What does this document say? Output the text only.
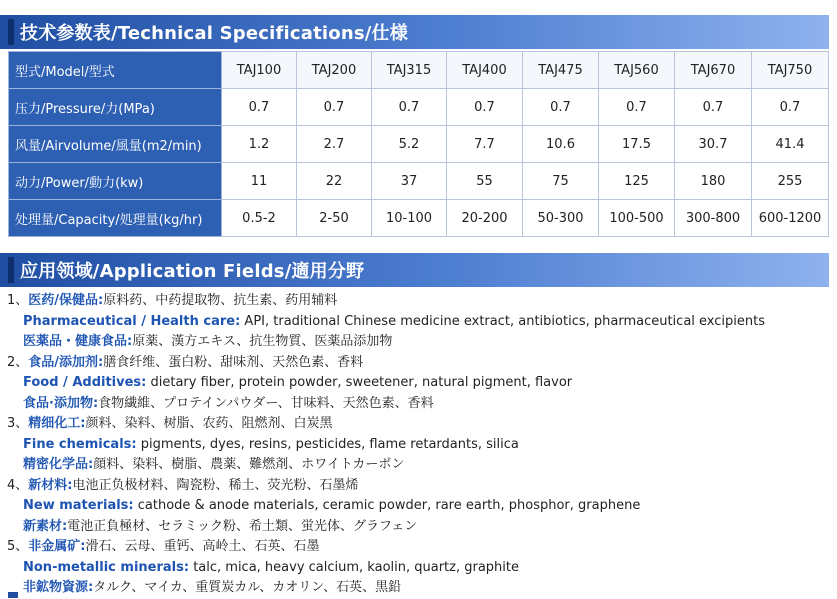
技术参数表/Technical Specifications/仕様
型式/Model/型式	TAJ100	TAJ200	TAJ315	TAJ400	TAJ475	TAJ560	TAJ670	TAJ750
压力/Pressure/力(MPa)	0.7	0.7	0.7	0.7	0.7	0.7	0.7	0.7
风量/Airvolume/風量(m2/min)	1.2	2.7	5.2	7.7	10.6	17.5	30.7	41.4
动力/Power/動力(kw)	11	22	37	55	75	125	180	255
处理量/Capacity/処理量(kg/hr)	0.5-2	2-50	10-100	20-200	50-300	100-500	300-800	600-1200
应用领域/Application Fields/適用分野
1、医药/保健品:原料药、中药提取物、抗生素、药用辅料
Pharmaceutical / Health care: API, traditional Chinese medicine extract, antibiotics, pharmaceutical excipients
医薬品・健康食品:原薬、漢方エキス、抗生物質、医薬品添加物
2、食品/添加剂:膳食纤维、蛋白粉、甜味剂、天然色素、香料
Food / Additives: dietary fiber, protein powder, sweetener, natural pigment, flavor
食品·添加物:食物繊維、プロテインパウダー、甘味料、天然色素、香料
3、精细化工:颜料、染料、树脂、农药、阻燃剂、白炭黑
Fine chemicals: pigments, dyes, resins, pesticides, flame retardants, silica
精密化学品:顔料、染料、樹脂、農薬、難燃剤、ホワイトカーボン
4、新材料:电池正负极材料、陶瓷粉、稀土、荧光粉、石墨烯
New materials: cathode & anode materials, ceramic powder, rare earth, phosphor, graphene
新素材:電池正負極材、セラミック粉、希土類、蛍光体、グラフェン
5、非金属矿:滑石、云母、重钙、高岭土、石英、石墨
Non-metallic minerals: talc, mica, heavy calcium, kaolin, quartz, graphite
非鉱物資源:タルク、マイカ、重質炭カル、カオリン、石英、黒鉛
